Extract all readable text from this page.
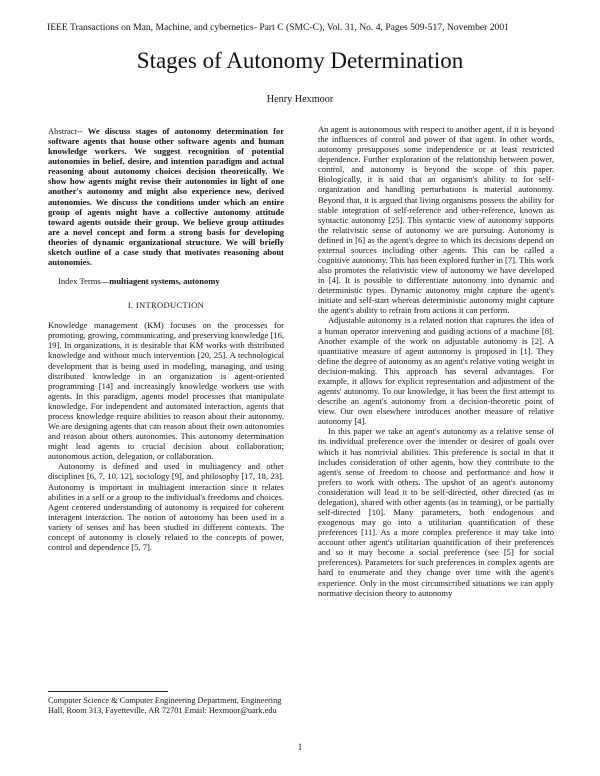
IEEE Transactions on Man, Machine, and cybernetics- Part C (SMC-C), Vol. 31, No. 4, Pages 509-517, November 2001
Stages of Autonomy Determination
Henry Hexmoor

Abstract-- We discuss stages of autonomy determination for software agents that house other software agents and human knowledge workers. We suggest recognition of potential autonomies in belief, desire, and intention paradigm and actual reasoning about autonomy choices decision theoretically. We show how agents might revise their autonomies in light of one another's autonomy and might also experience new, derived autonomies. We discuss the conditions under which an entire group of agents might have a collective autonomy attitude toward agents outside their group. We believe group attitudes are a novel concept and form a strong basis for developing theories of dynamic organizational structure. We will briefly sketch outline of a case study that motivates reasoning about autonomies.

Index Terms—multiagent systems, autonomy

I. INTRODUCTION

Knowledge management (KM) focuses on the processes for promoting, growing, communicating, and preserving knowledge [16, 19]. In organizations, it is desirable that KM works with distributed knowledge and without much intervention [20, 25]. A technological development that is being used in modeling, managing, and using distributed knowledge in an organization is agent-oriented programming [14] and increasingly knowledge workers use with agents. In this paradigm, agents model processes that manipulate knowledge. For independent and automated interaction, agents that process knowledge require abilities to reason about their autonomy. We are designing agents that can reason about their own autonomies and reason about others autonomies. This autonomy determination might lead agents to crucial decision about collaboration; autonomous action, delegation, or collaboration.

Autonomy is defined and used in multiagency and other disciplines [6, 7, 10, 12], sociology [9], and philosophy [17, 18, 23]. Autonomy is important in multiagent interaction since it relates abilities in a self or a group to the individual's freedoms and choices. Agent centered understanding of autonomy is required for coherent interagent interaction. The notion of autonomy has been used in a variety of senses and has been studied in different contexts. The concept of autonomy is closely related to the concepts of power, control and dependence [5, 7].

Computer Science & Computer Engineering Department, Engineering Hall, Room 313, Fayetteville, AR 72701 Email: Hexmoor@uark.edu

An agent is autonomous with respect to another agent, if it is beyond the influences of control and power of that agent. In other words, autonomy presupposes some independence or at least restricted dependence. Further exploration of the relationship between power, control, and autonomy is beyond the scope of this paper. Biologically, it is said that an organism's ability to for self-organization and handling perturbations is material autonomy. Beyond that, it is argued that living organisms possess the ability for stable integration of self-reference and other-reference, known as syntactic autonomy [25]. This syntactic view of autonomy supports the relativistic sense of autonomy we are pursuing. Autonomy is defined in [6] as the agent's degree to which its decisions depend on external sources including other agents. This can be called a cognitive autonomy. This has been explored further in [7]. This work also promotes the relativistic view of autonomy we have developed in [4]. It is possible to differentiate autonomy into dynamic and deterministic types. Dynamic autonomy might capture the agent's initiate and self-start whereas deterministic autonomy might capture the agent's ability to refrain from actions it can perform.

Adjustable autonomy is a related notion that captures the idea of a human operator intervening and guiding actions of a machine [8]. Another example of the work on adjustable autonomy is [2]. A quantitative measure of agent autonomy is proposed in [1]. They define the degree of autonomy as an agent's relative voting weight in decision-making. This approach has several advantages. For example, it allows for explicit representation and adjustment of the agents' autonomy. To our knowledge, it has been the first attempt to describe an agent's autonomy from a decision-theoretic point of view. Our own elsewhere introduces another measure of relative autonomy [4].

In this paper we take an agent's autonomy as a relative sense of its individual preference over the intender or desirer of goals over which it has nontrivial abilities. This preference is social in that it includes consideration of other agents, how they contribute to the agent's sense of freedom to choose and performance and how it prefers to work with others. The upshot of an agent's autonomy consideration will lead it to be self-directed, other directed (as in delegation), shared with other agents (as in teaming), or be partially self-directed [10]. Many parameters, both endogenous and exogenous may go into a utilitarian quantification of these preferences [11]. As a more complex preference it may take into account other agent's utilitarian quantification of their preferences and so it may become a social preference (see [5] for social preferences). Parameters for such preferences in complex agents are hard to enumerate and they change over time with the agent's experience. Only in the most circumscribed situations we can apply normative decision theory to autonomy

1
